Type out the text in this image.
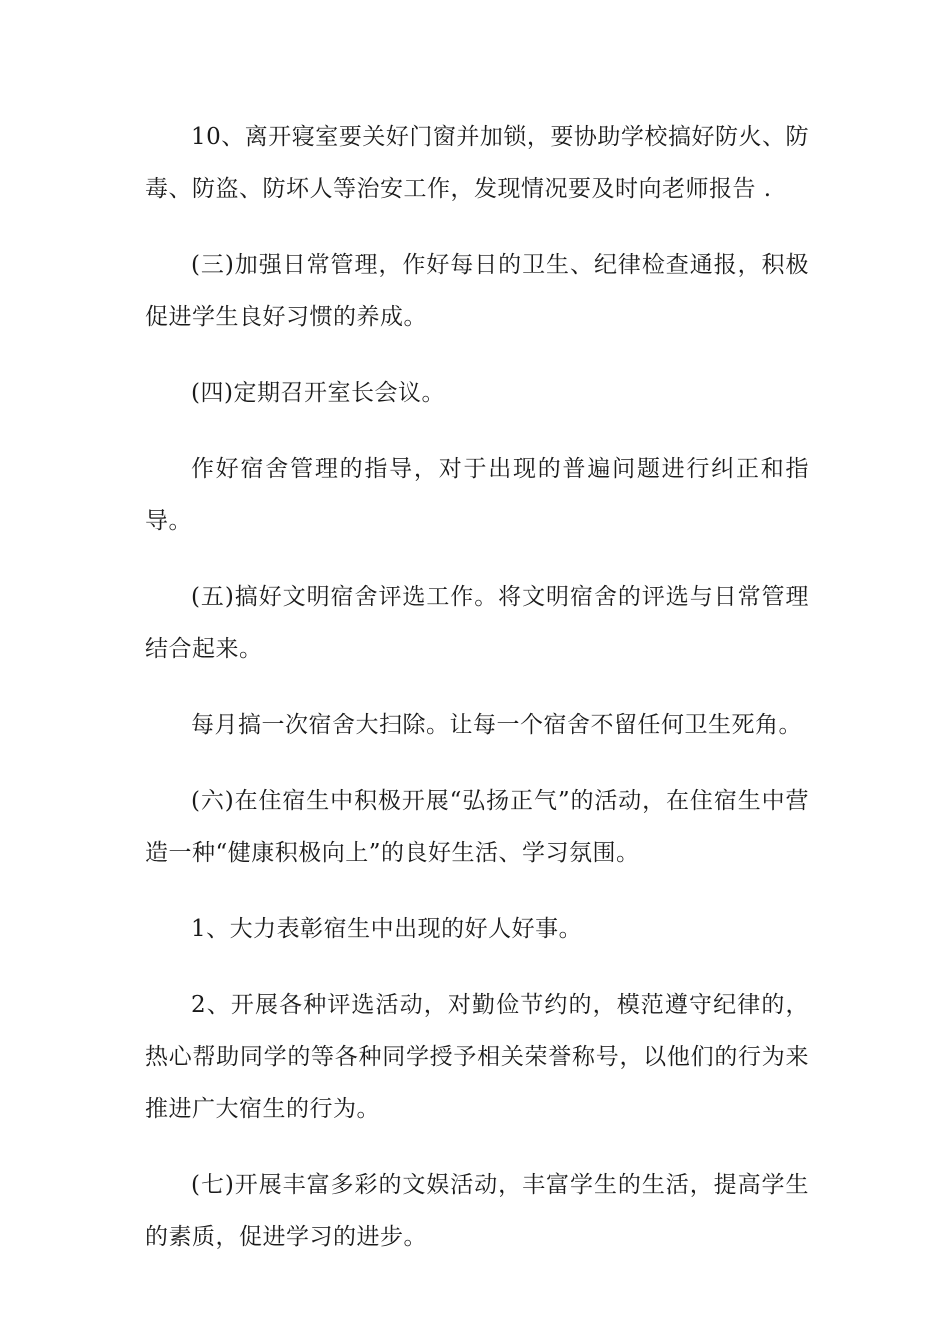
10、离开寝室要关好门窗并加锁，要协助学校搞好防火、防毒、防盗、防坏人等治安工作，发现情况要及时向老师报告 .

(三)加强日常管理，作好每日的卫生、纪律检查通报，积极促进学生良好习惯的养成。

(四)定期召开室长会议。

作好宿舍管理的指导，对于出现的普遍问题进行纠正和指导。

(五)搞好文明宿舍评选工作。将文明宿舍的评选与日常管理结合起来。

每月搞一次宿舍大扫除。让每一个宿舍不留任何卫生死角。

(六)在住宿生中积极开展“弘扬正气”的活动，在住宿生中营造一种“健康积极向上”的良好生活、学习氛围。

1、大力表彰宿生中出现的好人好事。

2、开展各种评选活动，对勤俭节约的，模范遵守纪律的，热心帮助同学的等各种同学授予相关荣誉称号，以他们的行为来推进广大宿生的行为。

(七)开展丰富多彩的文娱活动，丰富学生的生活，提高学生的素质，促进学习的进步。
